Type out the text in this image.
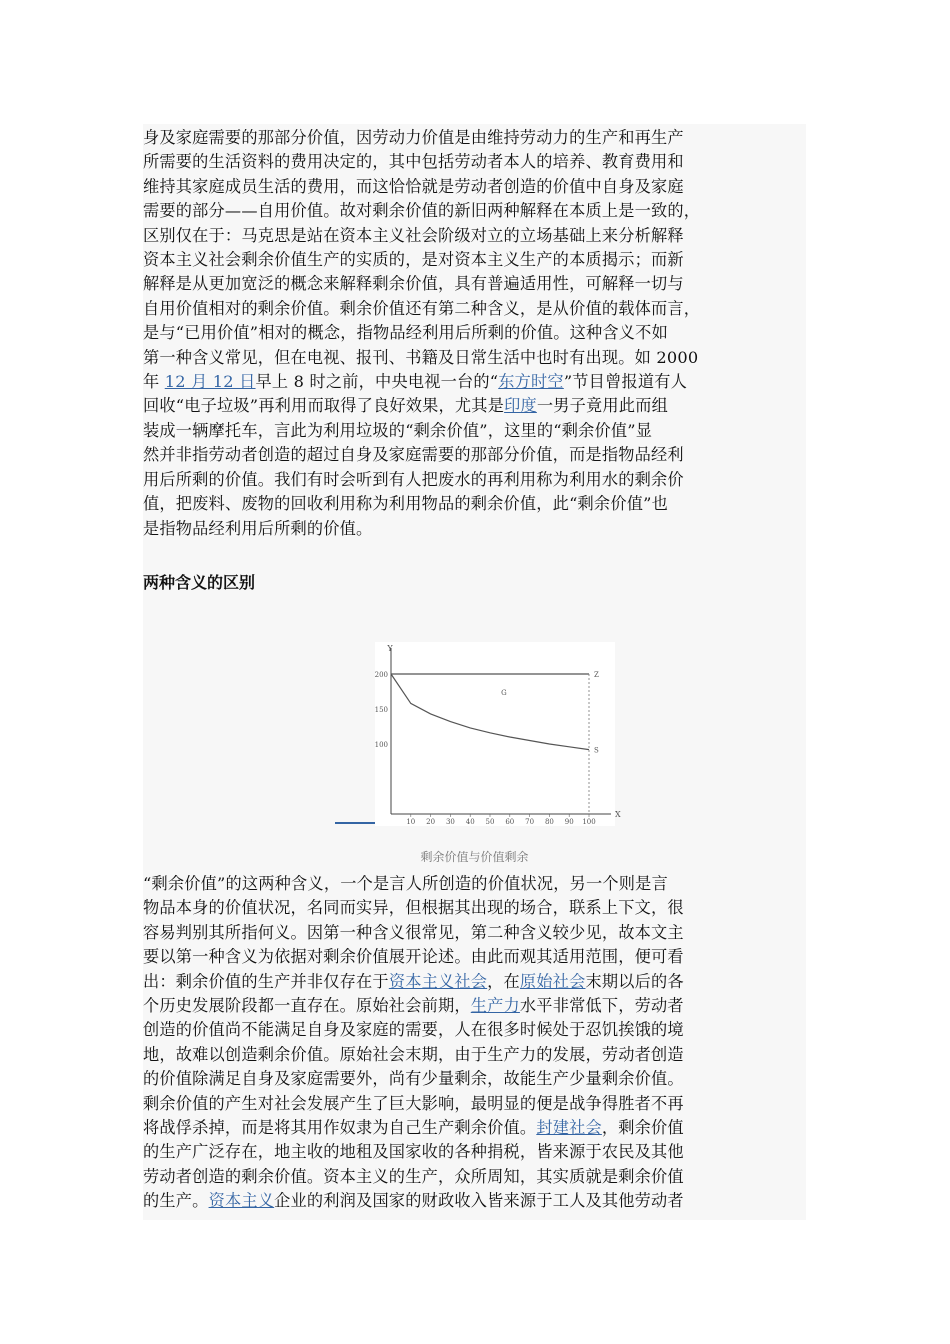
身及家庭需要的那部分价值，因劳动力价值是由维持劳动力的生产和再生产
所需要的生活资料的费用决定的，其中包括劳动者本人的培养、教育费用和
维持其家庭成员生活的费用，而这恰恰就是劳动者创造的价值中自身及家庭
需要的部分——自用价值。故对剩余价值的新旧两种解释在本质上是一致的，
区别仅在于：马克思是站在资本主义社会阶级对立的立场基础上来分析解释
资本主义社会剩余价值生产的实质的，是对资本主义生产的本质揭示；而新
解释是从更加宽泛的概念来解释剩余价值，具有普遍适用性，可解释一切与
自用价值相对的剩余价值。剩余价值还有第二种含义，是从价值的载体而言，
是与“已用价值”相对的概念，指物品经利用后所剩的价值。这种含义不如
第一种含义常见，但在电视、报刊、书籍及日常生活中也时有出现。如 2000
年 12 月 12 日早上 8 时之前，中央电视一台的“东方时空”节目曾报道有人
回收“电子垃圾”再利用而取得了良好效果，尤其是印度一男子竟用此而组
装成一辆摩托车，言此为利用垃圾的“剩余价值”，这里的“剩余价值”显
然并非指劳动者创造的超过自身及家庭需要的那部分价值，而是指物品经利
用后所剩的价值。我们有时会听到有人把废水的再利用称为利用水的剩余价
值，把废料、废物的回收利用称为利用物品的剩余价值，此“剩余价值”也
是指物品经利用后所剩的价值。
两种含义的区别
Y
X
200
150
100
10 20 30 40 50 60 70 80 90 100
Z
S
G
剩余价值与价值剩余
“剩余价值”的这两种含义，一个是言人所创造的价值状况，另一个则是言
物品本身的价值状况，名同而实异，但根据其出现的场合，联系上下文，很
容易判别其所指何义。因第一种含义很常见，第二种含义较少见，故本文主
要以第一种含义为依据对剩余价值展开论述。由此而观其适用范围，便可看
出：剩余价值的生产并非仅存在于资本主义社会，在原始社会末期以后的各
个历史发展阶段都一直存在。原始社会前期，生产力水平非常低下，劳动者
创造的价值尚不能满足自身及家庭的需要，人在很多时候处于忍饥挨饿的境
地，故难以创造剩余价值。原始社会末期，由于生产力的发展，劳动者创造
的价值除满足自身及家庭需要外，尚有少量剩余，故能生产少量剩余价值。
剩余价值的产生对社会发展产生了巨大影响，最明显的便是战争得胜者不再
将战俘杀掉，而是将其用作奴隶为自己生产剩余价值。封建社会，剩余价值
的生产广泛存在，地主收的地租及国家收的各种捐税，皆来源于农民及其他
劳动者创造的剩余价值。资本主义的生产，众所周知，其实质就是剩余价值
的生产。资本主义企业的利润及国家的财政收入皆来源于工人及其他劳动者
